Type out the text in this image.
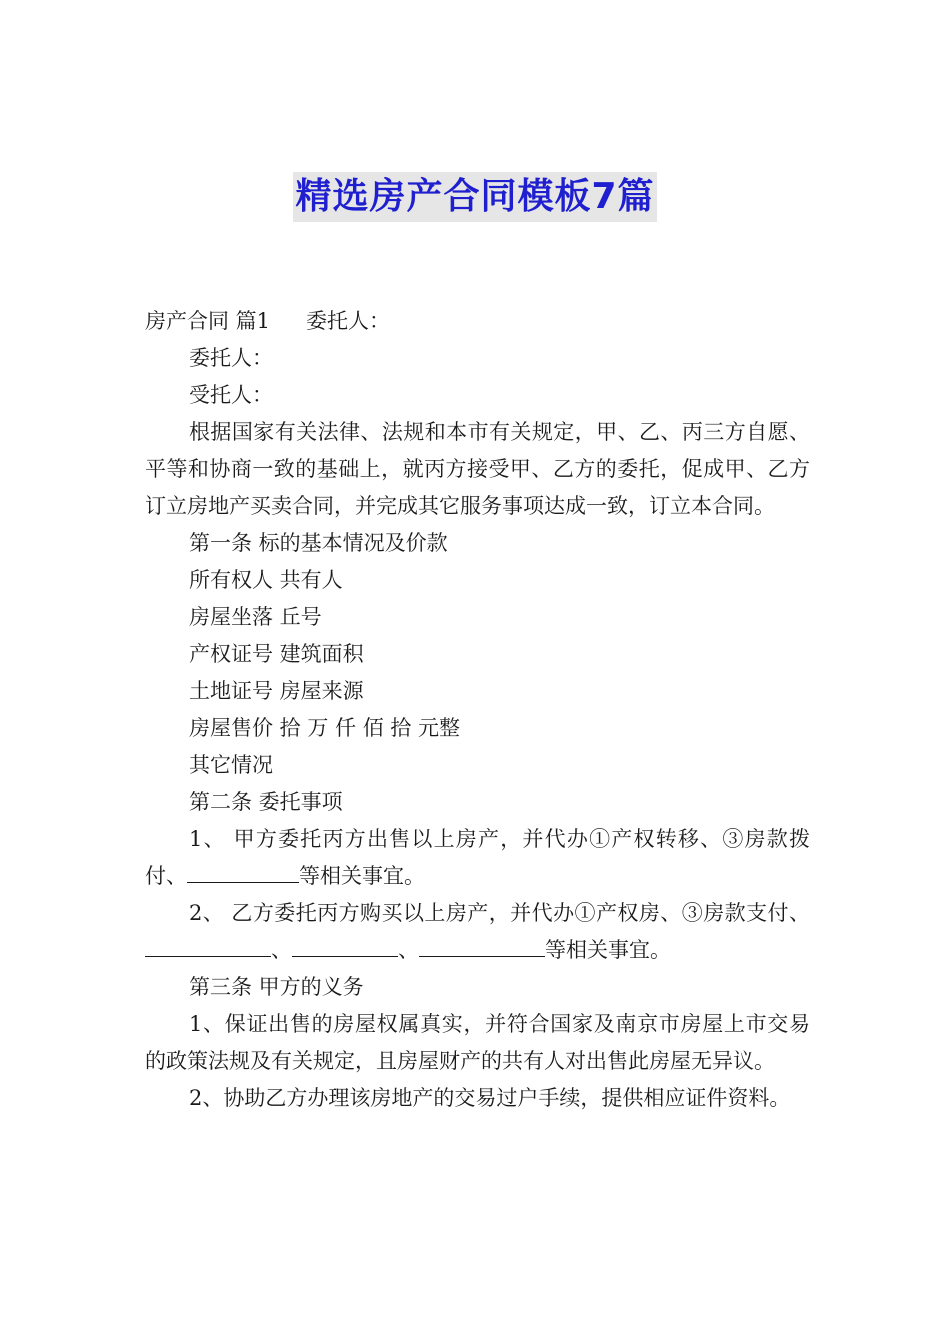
精选房产合同模板7篇

房产合同 篇1 委托人：

委托人：

受托人：

根据国家有关法律、法规和本市有关规定，甲、乙、丙三方自愿、平等和协商一致的基础上，就丙方接受甲、乙方的委托，促成甲、乙方订立房地产买卖合同，并完成其它服务事项达成一致，订立本合同。

第一条 标的基本情况及价款

所有权人 共有人

房屋坐落 丘号

产权证号 建筑面积

土地证号 房屋来源

房屋售价 拾 万 仟 佰 拾 元整

其它情况

第二条 委托事项

1、 甲方委托丙方出售以上房产，并代办①产权转移、③房款拨付、	等相关事宜。

2、 乙方委托丙方购买以上房产，并代办①产权房、③房款支付、、	、	等相关事宜。

第三条 甲方的义务

1、保证出售的房屋权属真实，并符合国家及南京市房屋上市交易的政策法规及有关规定，且房屋财产的共有人对出售此房屋无异议。

2、协助乙方办理该房地产的交易过户手续，提供相应证件资料。
